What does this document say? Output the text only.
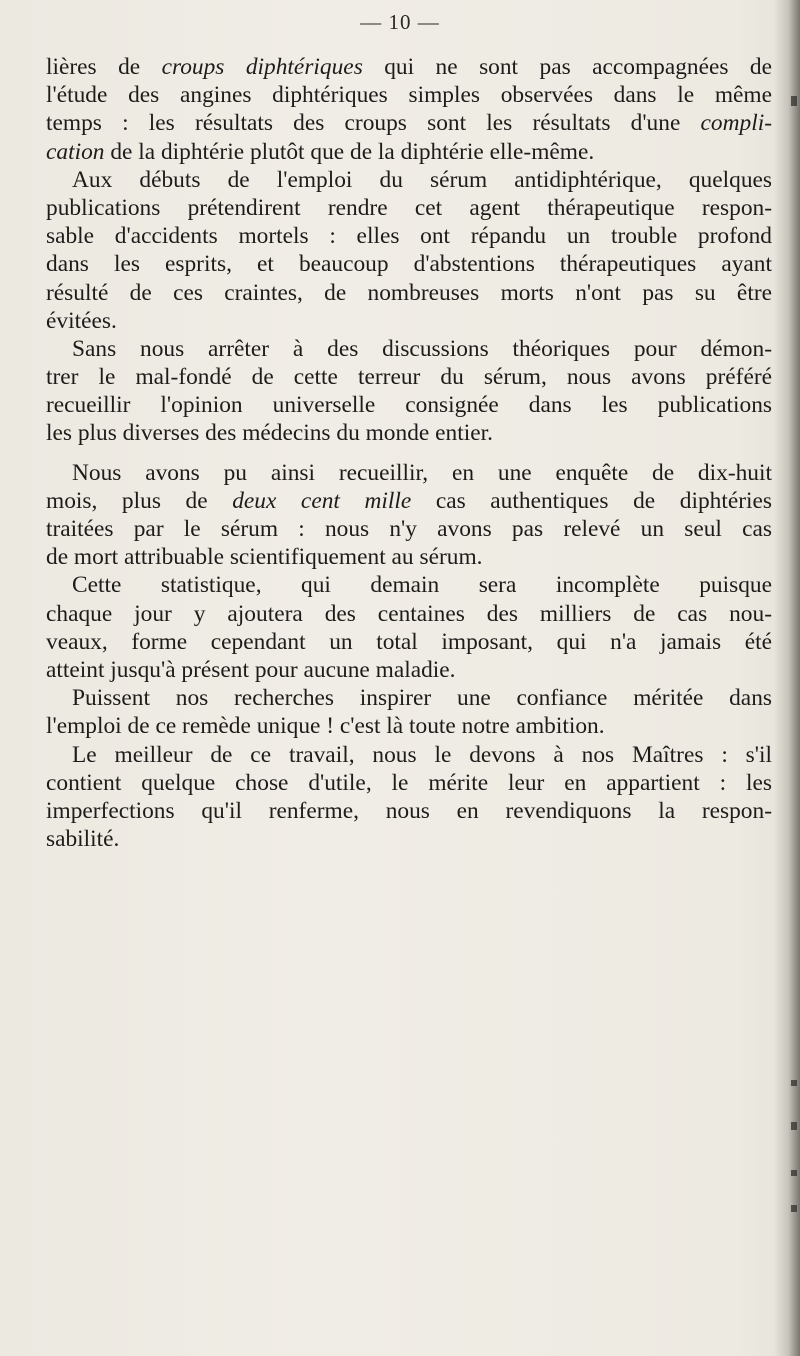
— 10 —
lières de croups diphtériques qui ne sont pas accompagnées de
l'étude des angines diphtériques simples observées dans le même
temps : les résultats des croups sont les résultats d'une compli-
cation de la diphtérie plutôt que de la diphtérie elle-même.
Aux débuts de l'emploi du sérum antidiphtérique, quelques
publications prétendirent rendre cet agent thérapeutique respon-
sable d'accidents mortels : elles ont répandu un trouble profond
dans les esprits, et beaucoup d'abstentions thérapeutiques ayant
résulté de ces craintes, de nombreuses morts n'ont pas su être
évitées.
Sans nous arrêter à des discussions théoriques pour démon-
trer le mal-fondé de cette terreur du sérum, nous avons préféré
recueillir l'opinion universelle consignée dans les publications
les plus diverses des médecins du monde entier.
Nous avons pu ainsi recueillir, en une enquête de dix-huit
mois, plus de deux cent mille cas authentiques de diphtéries
traitées par le sérum : nous n'y avons pas relevé un seul cas
de mort attribuable scientifiquement au sérum.
Cette statistique, qui demain sera incomplète puisque
chaque jour y ajoutera des centaines des milliers de cas nou-
veaux, forme cependant un total imposant, qui n'a jamais été
atteint jusqu'à présent pour aucune maladie.
Puissent nos recherches inspirer une confiance méritée dans
l'emploi de ce remède unique ! c'est là toute notre ambition.
Le meilleur de ce travail, nous le devons à nos Maîtres : s'il
contient quelque chose d'utile, le mérite leur en appartient : les
imperfections qu'il renferme, nous en revendiquons la respon-
sabilité.
